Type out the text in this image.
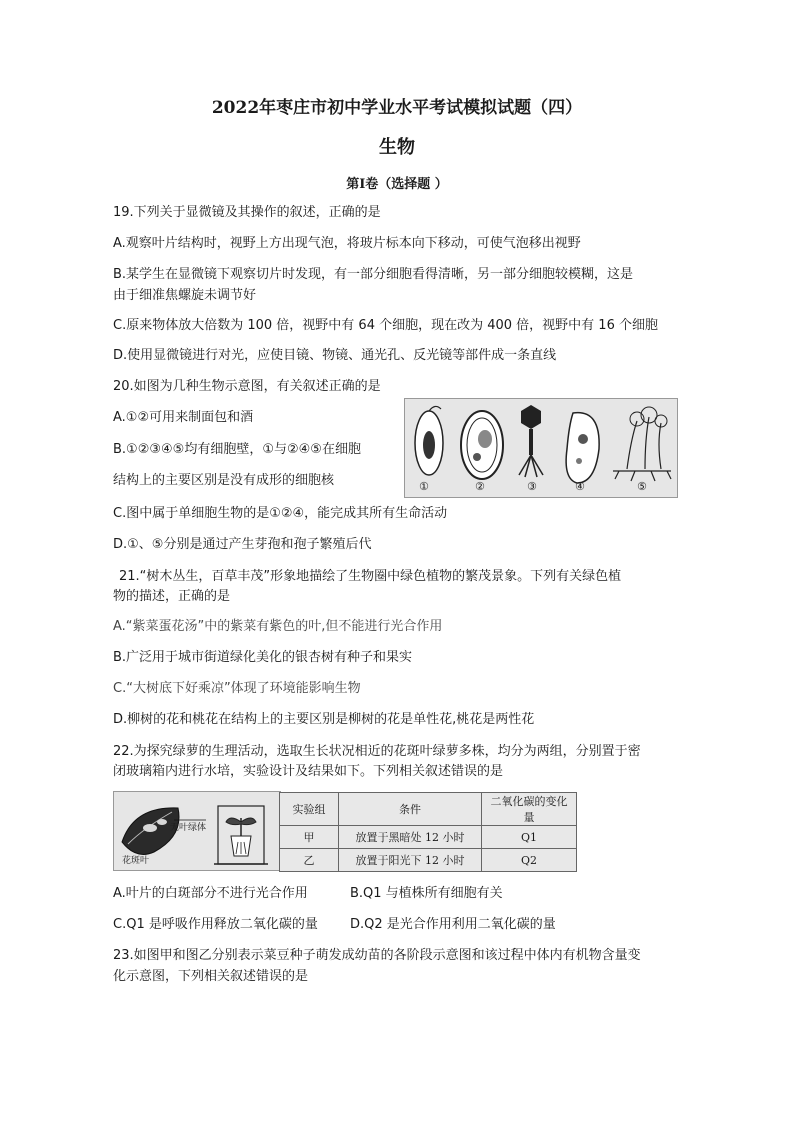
2022年枣庄市初中学业水平考试模拟试题（四）
生物
第Ⅰ卷（选择题 ）
19.下列关于显微镜及其操作的叙述，正确的是
A.观察叶片结构时，视野上方出现气泡，将玻片标本向下移动，可使气泡移出视野
B.某学生在显微镜下观察切片时发现，有一部分细胞看得清晰，另一部分细胞较模糊，这是
由于细准焦螺旋未调节好
C.原来物体放大倍数为 100 倍，视野中有 64 个细胞，现在改为 400 倍，视野中有 16 个细胞
D.使用显微镜进行对光，应使目镜、物镜、通光孔、反光镜等部件成一条直线
20.如图为几种生物示意图，有关叙述正确的是
A.①②可用来制面包和酒
B.①②③④⑤均有细胞壁，①与②④⑤在细胞
结构上的主要区别是没有成形的细胞核	①	②	③	④	⑤
C.图中属于单细胞生物的是①②④，能完成其所有生命活动
D.①、⑤分别是通过产生芽孢和孢子繁殖后代
21.“树木丛生，百草丰茂”形象地描绘了生物圈中绿色植物的繁茂景象。下列有关绿色植
物的描述，正确的是
A.“紫菜蛋花汤”中的紫菜有紫色的叶,但不能进行光合作用
B.广泛用于城市街道绿化美化的银杏树有种子和果实
C.“大树底下好乘凉”体现了环境能影响生物
D.柳树的花和桃花在结构上的主要区别是柳树的花是单性花,桃花是两性花
22.为探究绿萝的生理活动，选取生长状况相近的花斑叶绿萝多株，均分为两组，分别置于密
闭玻璃箱内进行水培，实验设计及结果如下。下列相关叙述错误的是
无叶绿体
花斑叶
实验组	条件	二氧化碳的变化量
甲	放置于黑暗处 12 小时	Q1
乙	放置于阳光下 12 小时	Q2
A.叶片的白斑部分不进行光合作用	B.Q1 与植株所有细胞有关
C.Q1 是呼吸作用释放二氧化碳的量 D.Q2 是光合作用利用二氧化碳的量
23.如图甲和图乙分别表示菜豆种子萌发成幼苗的各阶段示意图和该过程中体内有机物含量变
化示意图，下列相关叙述错误的是
